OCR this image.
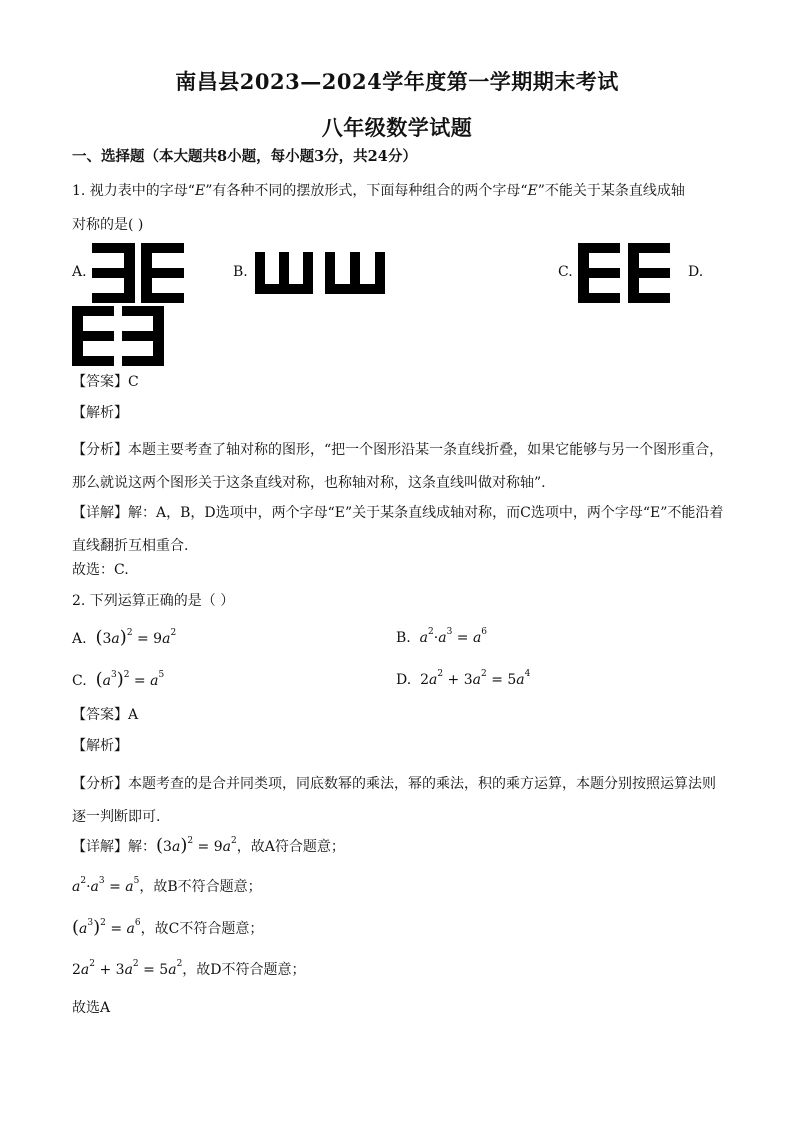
南昌县2023—2024学年度第一学期期末考试
八年级数学试题
一、选择题（本大题共8小题，每小题3分，共24分）
1. 视力表中的字母“E”有各种不同的摆放形式，下面每种组合的两个字母“E”不能关于某条直线成轴
对称的是( )
A.	B.	C.	D.
【答案】C
【解析】
【分析】本题主要考查了轴对称的图形，“把一个图形沿某一条直线折叠，如果它能够与另一个图形重合，那么就说这两个图形关于这条直线对称，也称轴对称，这条直线叫做对称轴”.
【详解】解：A，B，D选项中，两个字母“E”关于某条直线成轴对称，而C选项中，两个字母“E”不能沿着直线翻折互相重合.
故选：C.
2. 下列运算正确的是（ ）
A. $(3a)^2 = 9a^2$	B. $a^2\cdot a^3 = a^6$
C. $(a^3)^2 = a^5$	D. $2a^2 + 3a^2 = 5a^4$
【答案】A
【解析】
【分析】本题考查的是合并同类项，同底数幂的乘法，幂的乘法，积的乘方运算，本题分别按照运算法则逐一判断即可.
【详解】解：$(3a)^2 = 9a^2$，故A符合题意；
$a^2\cdot a^3 = a^5$，故B不符合题意；
$(a^3)^2 = a^6$，故C不符合题意；
$2a^2 + 3a^2 = 5a^2$，故D不符合题意；
故选A
